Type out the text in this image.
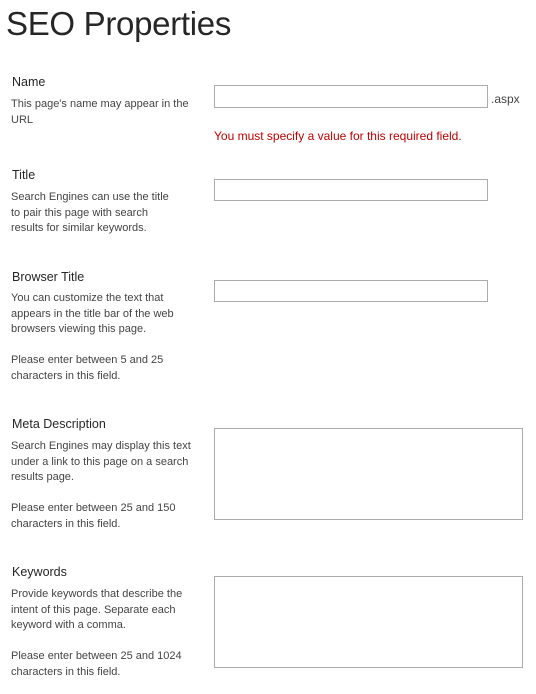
SEO Properties
Name

This page's name may appear in the URL

.aspx
You must specify a value for this required field.
Title

Search Engines can use the title to pair this page with search results for similar keywords.

Browser Title

You can customize the text that appears in the title bar of the web browsers viewing this page.

Please enter between 5 and 25 characters in this field.

Meta Description

Search Engines may display this text under a link to this page on a search results page.

Please enter between 25 and 150 characters in this field.

Keywords

Provide keywords that describe the intent of this page. Separate each keyword with a comma.

Please enter between 25 and 1024 characters in this field.
